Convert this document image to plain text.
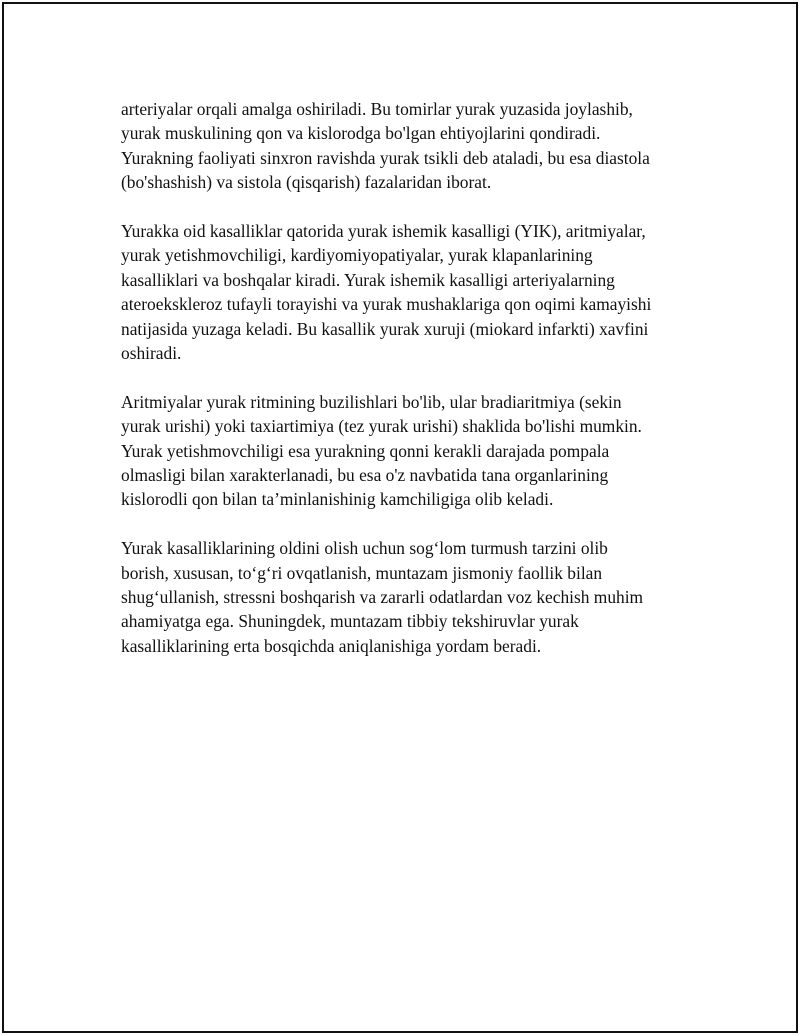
arteriyalar orqali amalga oshiriladi. Bu tomirlar yurak yuzasida joylashib,
yurak muskulining qon va kislorodga bo'lgan ehtiyojlarini qondiradi.
Yurakning faoliyati sinxron ravishda yurak tsikli deb ataladi, bu esa diastola
(bo'shashish) va sistola (qisqarish) fazalaridan iborat.

Yurakka oid kasalliklar qatorida yurak ishemik kasalligi (YIK), aritmiyalar,
yurak yetishmovchiligi, kardiyomiyopatiyalar, yurak klapanlarining
kasalliklari va boshqalar kiradi. Yurak ishemik kasalligi arteriyalarning
ateroekskleroz tufayli torayishi va yurak mushaklariga qon oqimi kamayishi
natijasida yuzaga keladi. Bu kasallik yurak xuruji (miokard infarkti) xavfini
oshiradi.

Aritmiyalar yurak ritmining buzilishlari bo'lib, ular bradiaritmiya (sekin
yurak urishi) yoki taxiartimiya (tez yurak urishi) shaklida bo'lishi mumkin.
Yurak yetishmovchiligi esa yurakning qonni kerakli darajada pompala
olmasligi bilan xarakterlanadi, bu esa o'z navbatida tana organlarining
kislorodli qon bilan ta’minlanishinig kamchiligiga olib keladi.

Yurak kasalliklarining oldini olish uchun sog‘lom turmush tarzini olib
borish, xususan, to‘g‘ri ovqatlanish, muntazam jismoniy faollik bilan
shug‘ullanish, stressni boshqarish va zararli odatlardan voz kechish muhim
ahamiyatga ega. Shuningdek, muntazam tibbiy tekshiruvlar yurak
kasalliklarining erta bosqichda aniqlanishiga yordam beradi.
